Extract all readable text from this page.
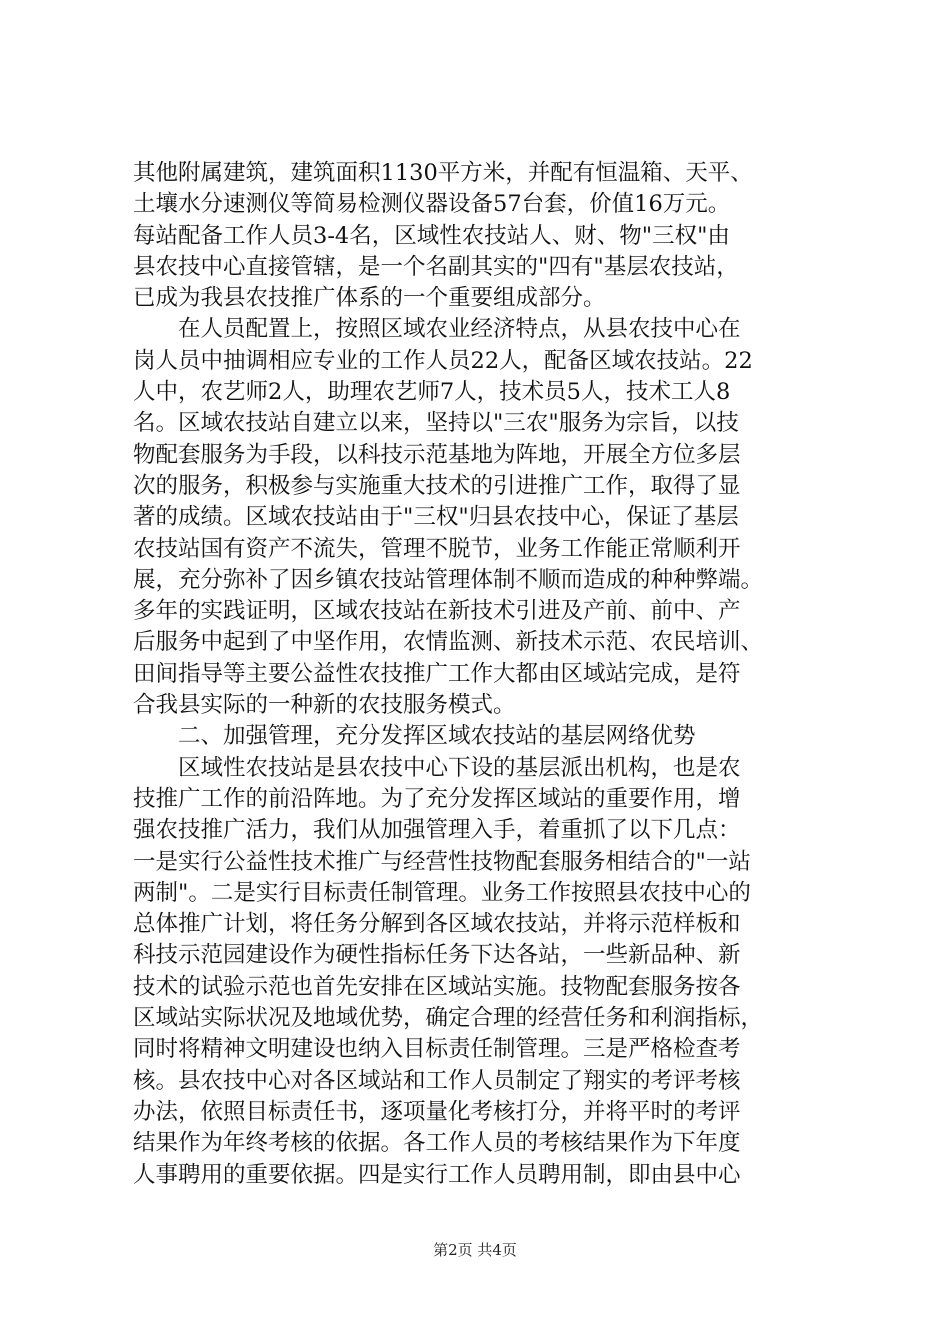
其他附属建筑，建筑面积1130平方米，并配有恒温箱、天平、
土壤水分速测仪等简易检测仪器设备57台套，价值16万元。
每站配备工作人员3-4名，区域性农技站人、财、物"三权"由
县农技中心直接管辖，是一个名副其实的"四有"基层农技站，
已成为我县农技推广体系的一个重要组成部分。
　　在人员配置上，按照区域农业经济特点，从县农技中心在
岗人员中抽调相应专业的工作人员22人，配备区域农技站。22
人中，农艺师2人，助理农艺师7人，技术员5人，技术工人8
名。区域农技站自建立以来，坚持以"三农"服务为宗旨，以技
物配套服务为手段，以科技示范基地为阵地，开展全方位多层
次的服务，积极参与实施重大技术的引进推广工作，取得了显
著的成绩。区域农技站由于"三权"归县农技中心，保证了基层
农技站国有资产不流失，管理不脱节，业务工作能正常顺利开
展，充分弥补了因乡镇农技站管理体制不顺而造成的种种弊端。
多年的实践证明，区域农技站在新技术引进及产前、前中、产
后服务中起到了中坚作用，农情监测、新技术示范、农民培训、
田间指导等主要公益性农技推广工作大都由区域站完成，是符
合我县实际的一种新的农技服务模式。
　　二、加强管理，充分发挥区域农技站的基层网络优势
　　区域性农技站是县农技中心下设的基层派出机构，也是农
技推广工作的前沿阵地。为了充分发挥区域站的重要作用，增
强农技推广活力，我们从加强管理入手，着重抓了以下几点：
一是实行公益性技术推广与经营性技物配套服务相结合的"一站
两制"。二是实行目标责任制管理。业务工作按照县农技中心的
总体推广计划，将任务分解到各区域农技站，并将示范样板和
科技示范园建设作为硬性指标任务下达各站，一些新品种、新
技术的试验示范也首先安排在区域站实施。技物配套服务按各
区域站实际状况及地域优势，确定合理的经营任务和利润指标，
同时将精神文明建设也纳入目标责任制管理。三是严格检查考
核。县农技中心对各区域站和工作人员制定了翔实的考评考核
办法，依照目标责任书，逐项量化考核打分，并将平时的考评
结果作为年终考核的依据。各工作人员的考核结果作为下年度
人事聘用的重要依据。四是实行工作人员聘用制，即由县中心
第2页 共4页
